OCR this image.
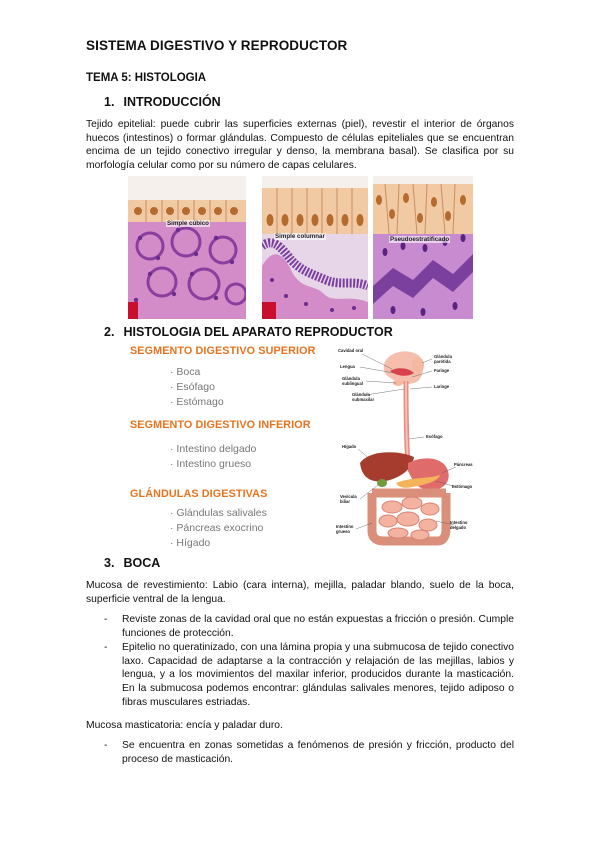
SISTEMA DIGESTIVO Y REPRODUCTOR
TEMA 5: HISTOLOGIA
1. INTRODUCCIÓN
Tejido epitelial: puede cubrir las superficies externas (piel), revestir el interior de órganos huecos (intestinos) o formar glándulas. Compuesto de células epiteliales que se encuentran encima de un tejido conectivo irregular y denso, la membrana basal). Se clasifica por su morfología celular como por su número de capas celulares.
Simple cúbico
Simple columnar	Pseudoestratificado
2. HISTOLOGIA DEL APARATO REPRODUCTOR
SEGMENTO DIGESTIVO SUPERIOR
· Boca
· Esófago
· Estómago
SEGMENTO DIGESTIVO INFERIOR
· Intestino delgado
· Intestino grueso
GLÁNDULAS DIGESTIVAS
· Glándulas salivales
· Páncreas exocrino
· Hígado
Cavidad oral
Lengua
Glándula sublingual
Glándula submaxilar
Glándula parótida
Faringe
Laringe
Esófago
Hígado
Páncreas
Estómago
Vesícula biliar
Intestino grueso
Intestino delgado
3. BOCA
Mucosa de revestimiento: Labio (cara interna), mejilla, paladar blando, suelo de la boca, superficie ventral de la lengua.
- Reviste zonas de la cavidad oral que no están expuestas a fricción o presión. Cumple funciones de protección.
- Epitelio no queratinizado, con una lámina propia y una submucosa de tejido conectivo laxo. Capacidad de adaptarse a la contracción y relajación de las mejillas, labios y lengua, y a los movimientos del maxilar inferior, producidos durante la masticación. En la submucosa podemos encontrar: glándulas salivales menores, tejido adiposo o fibras musculares estriadas.
Mucosa masticatoria: encía y paladar duro.
- Se encuentra en zonas sometidas a fenómenos de presión y fricción, producto del proceso de masticación.
